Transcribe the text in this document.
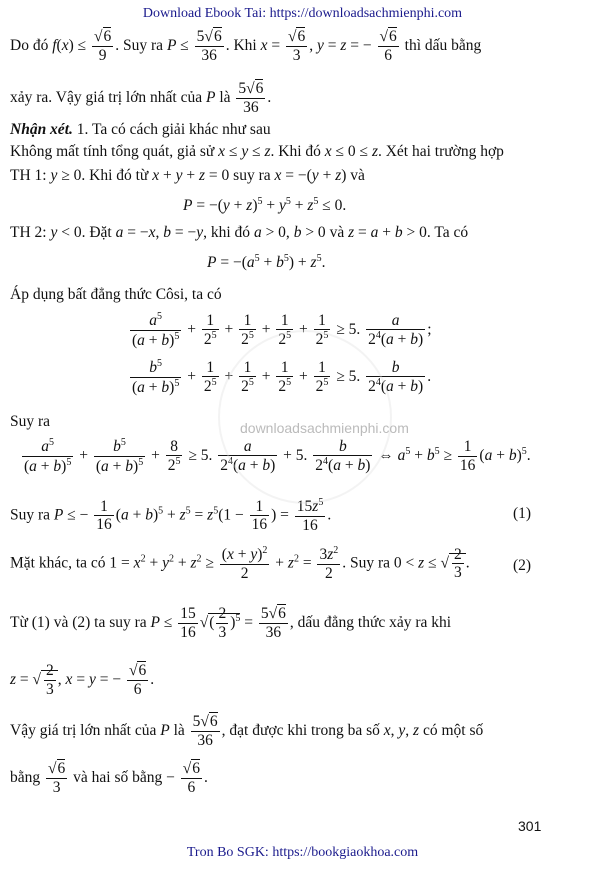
Download Ebook Tai: https://downloadsachmienphi.com
Do đó $f(x) \le \frac{√6}{9}$ . Suy ra $P \le \frac{5√6}{36}$ . Khi $x = \frac{√6}{3}$ , y = z = − $\frac{√6}{6}$ thì dấu bằng
xảy ra. Vậy giá trị lớn nhất của P là $\frac{5√6}{36}$ .
Nhận xét. 1. Ta có cách giải khác như sau
Không mất tính tổng quát, giả sử x ≤ y ≤ z. Khi đó x ≤ 0 ≤ z. Xét hai trường hợp
TH 1: y ≥ 0. Khi đó từ x + y + z = 0 suy ra x = −(y + z) và
$P = -(y + z)^5 + y^5 + z^5 \le 0$.
TH 2: y < 0. Đặt a = −x, b = −y, khi đó a > 0, b > 0 và z = a + b > 0. Ta có
$P = -(a^5 + b^5) + z^5$.
Áp dụng bất đẳng thức Côsi, ta có
$\frac{a^5}{(a + b)^5} + \frac{1}{2^5} + \frac{1}{2^5} + \frac{1}{2^5} + \frac{1}{2^5} \ge 5$. $\frac{a}{2^4(a + b)}$ ;
$\frac{b^5}{(a + b)^5} + \frac{1}{2^5} + \frac{1}{2^5} + \frac{1}{2^5} + \frac{1}{2^5} \ge 5$. $\frac{b}{2^4(a + b)}$ .
Suy ra
$\frac{a^5}{(a + b)^5} + \frac{b^5}{(a + b)^5} + \frac{8}{2^5} \ge 5$. $\frac{a}{2^4(a + b)} + 5$. $\frac{b}{2^4(a + b)}$ ⇔ $a^5 + b^5 \ge \frac{1}{16} (a + b)^5$.
Suy ra P ≤ − $\frac{1}{16} (a + b)^5 + z^5 = z^5(1 - \frac{1}{16}$ ) = $\frac{15z^5}{16}$ .	(1)
Mặt khác, ta có $1 = x^2 + y^2 + z^2 \ge \frac{(x + y)^2}{2} + z^2 = \frac{3z^2}{2}$ . Suy ra 0 < z ≤ √ $\frac{2}{3}$ .	(2)
Từ (1) và (2) ta suy ra $P \le \frac{15}{16}$ √( $\frac{2}{3} )^5 = \frac{5√6}{36}$ , dấu đẳng thức xảy ra khi
z = √ $\frac{2}{3}$ , x = y = − $\frac{√6}{6}$ .
Vậy giá trị lớn nhất của P là $\frac{5√6}{36}$ , đạt được khi trong ba số x, y, z có một số
bằng $\frac{√6}{3}$ và hai số bằng − $\frac{√6}{6}$ .
downloadsachmienphi.com
301
Tron Bo SGK: https://bookgiaokhoa.com
